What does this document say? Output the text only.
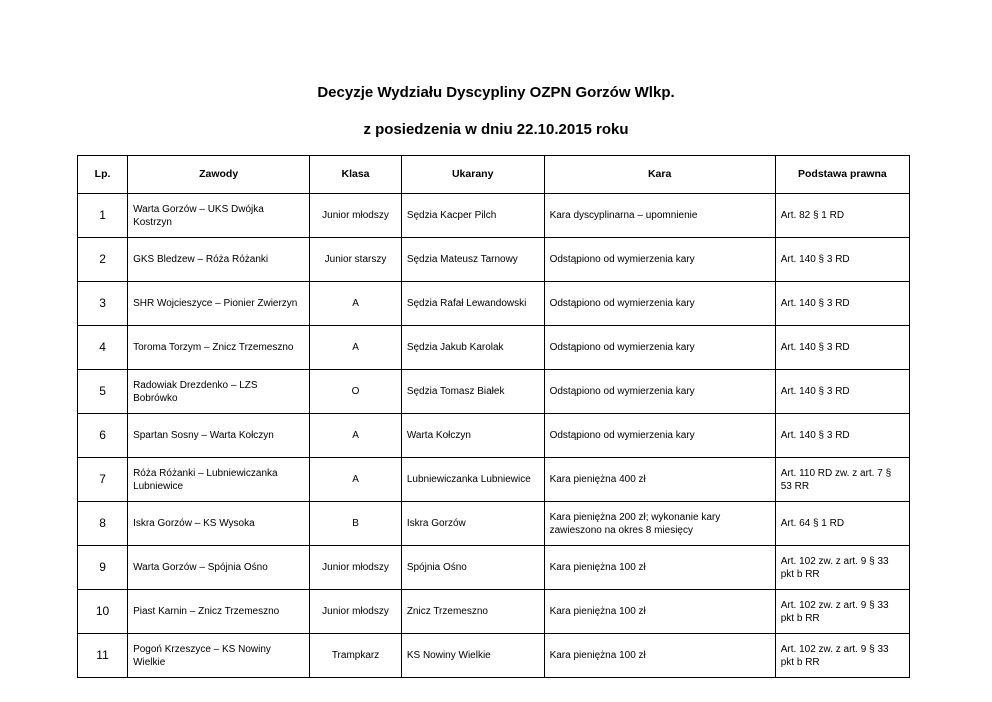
Decyzje Wydziału Dyscypliny OZPN Gorzów Wlkp.
z posiedzenia w dniu 22.10.2015 roku
Lp.	Zawody	Klasa	Ukarany	Kara	Podstawa prawna
1	Warta Gorzów – UKS Dwójka Kostrzyn	Junior młodszy	Sędzia Kacper Pilch	Kara dyscyplinarna – upomnienie	Art. 82 § 1 RD
2	GKS Bledzew – Róża Różanki	Junior starszy	Sędzia Mateusz Tarnowy	Odstąpiono od wymierzenia kary	Art. 140 § 3 RD
3	SHR Wojcieszyce – Pionier Zwierzyn	A	Sędzia Rafał Lewandowski	Odstąpiono od wymierzenia kary	Art. 140 § 3 RD
4	Toroma Torzym – Znicz Trzemeszno	A	Sędzia Jakub Karolak	Odstąpiono od wymierzenia kary	Art. 140 § 3 RD
5	Radowiak Drezdenko – LZS Bobrówko	O	Sędzia Tomasz Białek	Odstąpiono od wymierzenia kary	Art. 140 § 3 RD
6	Spartan Sosny – Warta Kołczyn	A	Warta Kołczyn	Odstąpiono od wymierzenia kary	Art. 140 § 3 RD
7	Róża Różanki – Lubniewiczanka Lubniewice	A	Lubniewiczanka Lubniewice	Kara pieniężna 400 zł	Art. 110 RD zw. z art. 7 § 53 RR
8	Iskra Gorzów – KS Wysoka	B	Iskra Gorzów	Kara pieniężna 200 zł; wykonanie kary zawieszono na okres 8 miesięcy	Art. 64 § 1 RD
9	Warta Gorzów – Spójnia Ośno	Junior młodszy	Spójnia Ośno	Kara pieniężna 100 zł	Art. 102 zw. z art. 9 § 33 pkt b RR
10	Piast Karnin – Znicz Trzemeszno	Junior młodszy	Znicz Trzemeszno	Kara pieniężna 100 zł	Art. 102 zw. z art. 9 § 33 pkt b RR
11	Pogoń Krzeszyce – KS Nowiny Wielkie	Trampkarz	KS Nowiny Wielkie	Kara pieniężna 100 zł	Art. 102 zw. z art. 9 § 33 pkt b RR
